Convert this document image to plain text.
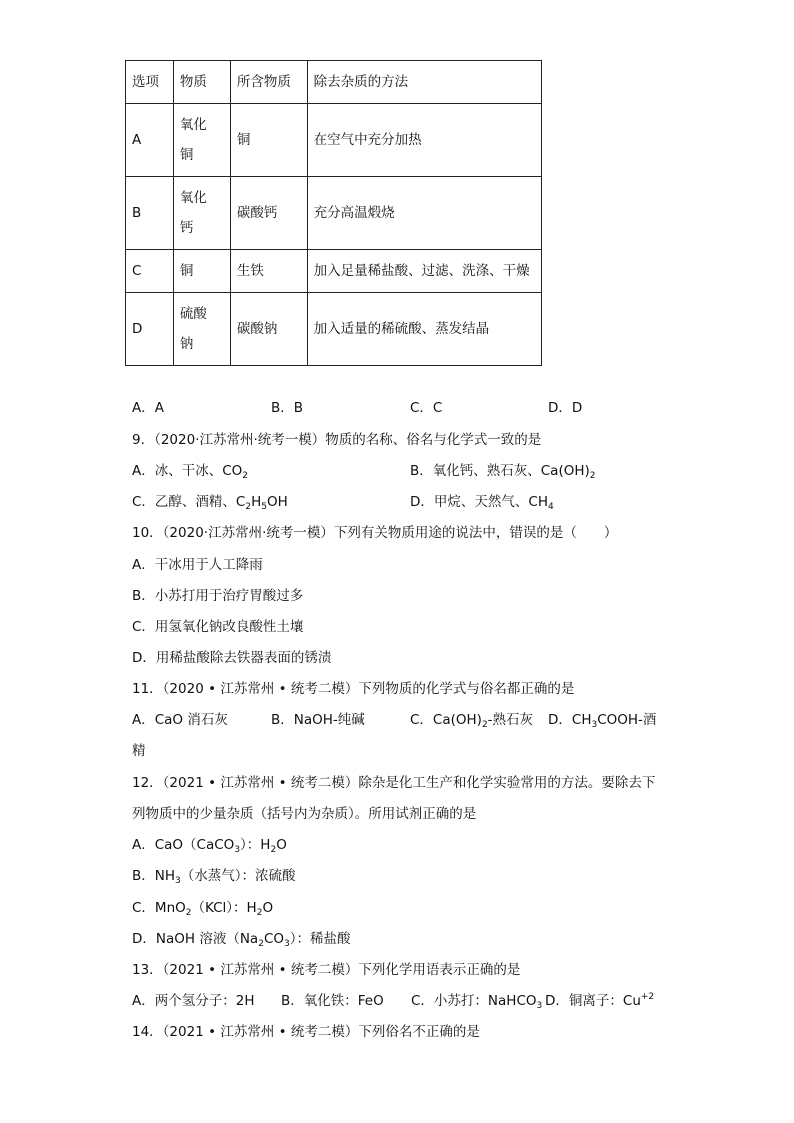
选项	物质	所含物质	除去杂质的方法
A	氧化铜	铜	在空气中充分加热
B	氧化钙	碳酸钙	充分高温煅烧
C	铜	生铁	加入足量稀盐酸、过滤、洗涤、干燥
D	硫酸钠	碳酸钠	加入适量的稀硫酸、蒸发结晶
A．A	B．B	C．C	D．D
9．（2020·江苏常州·统考一模）物质的名称、俗名与化学式一致的是
A．冰、干冰、$CO_2$	B．氧化钙、熟石灰、$Ca(OH)_2$
C．乙醇、酒精、$C_2H_5OH$	D．甲烷、天然气、$CH_4$
10．（2020·江苏常州·统考一模）下列有关物质用途的说法中，错误的是（　　）
A．干冰用于人工降雨
B．小苏打用于治疗胃酸过多
C．用氢氧化钠改良酸性土壤
D．用稀盐酸除去铁器表面的锈渍
11．（2020 • 江苏常州 • 统考二模）下列物质的化学式与俗名都正确的是
A．CaO 消石灰	B．NaOH-纯碱	C．$Ca(OH)_2-$熟石灰 D．$CH_3COOH-$酒
精
12．（2021 • 江苏常州 • 统考二模）除杂是化工生产和化学实验常用的方法。要除去下
列物质中的少量杂质（括号内为杂质）。所用试剂正确的是
A．CaO（CaCO$_3$）：$H_2O$
B．$NH_3$（水蒸气）：浓硫酸
C．MnO$_2$（KCl）：$H_2O$
D．NaOH 溶液$(Na_2CO_3)$：稀盐酸
13．（2021 • 江苏常州 • 统考二模）下列化学用语表示正确的是
A．两个氢分子：2H B．氧化铁：FeO C．小苏打：NaHCO$_3$ D．铜离子：$Cu^{+2}$
14．（2021 • 江苏常州 • 统考二模）下列俗名不正确的是
